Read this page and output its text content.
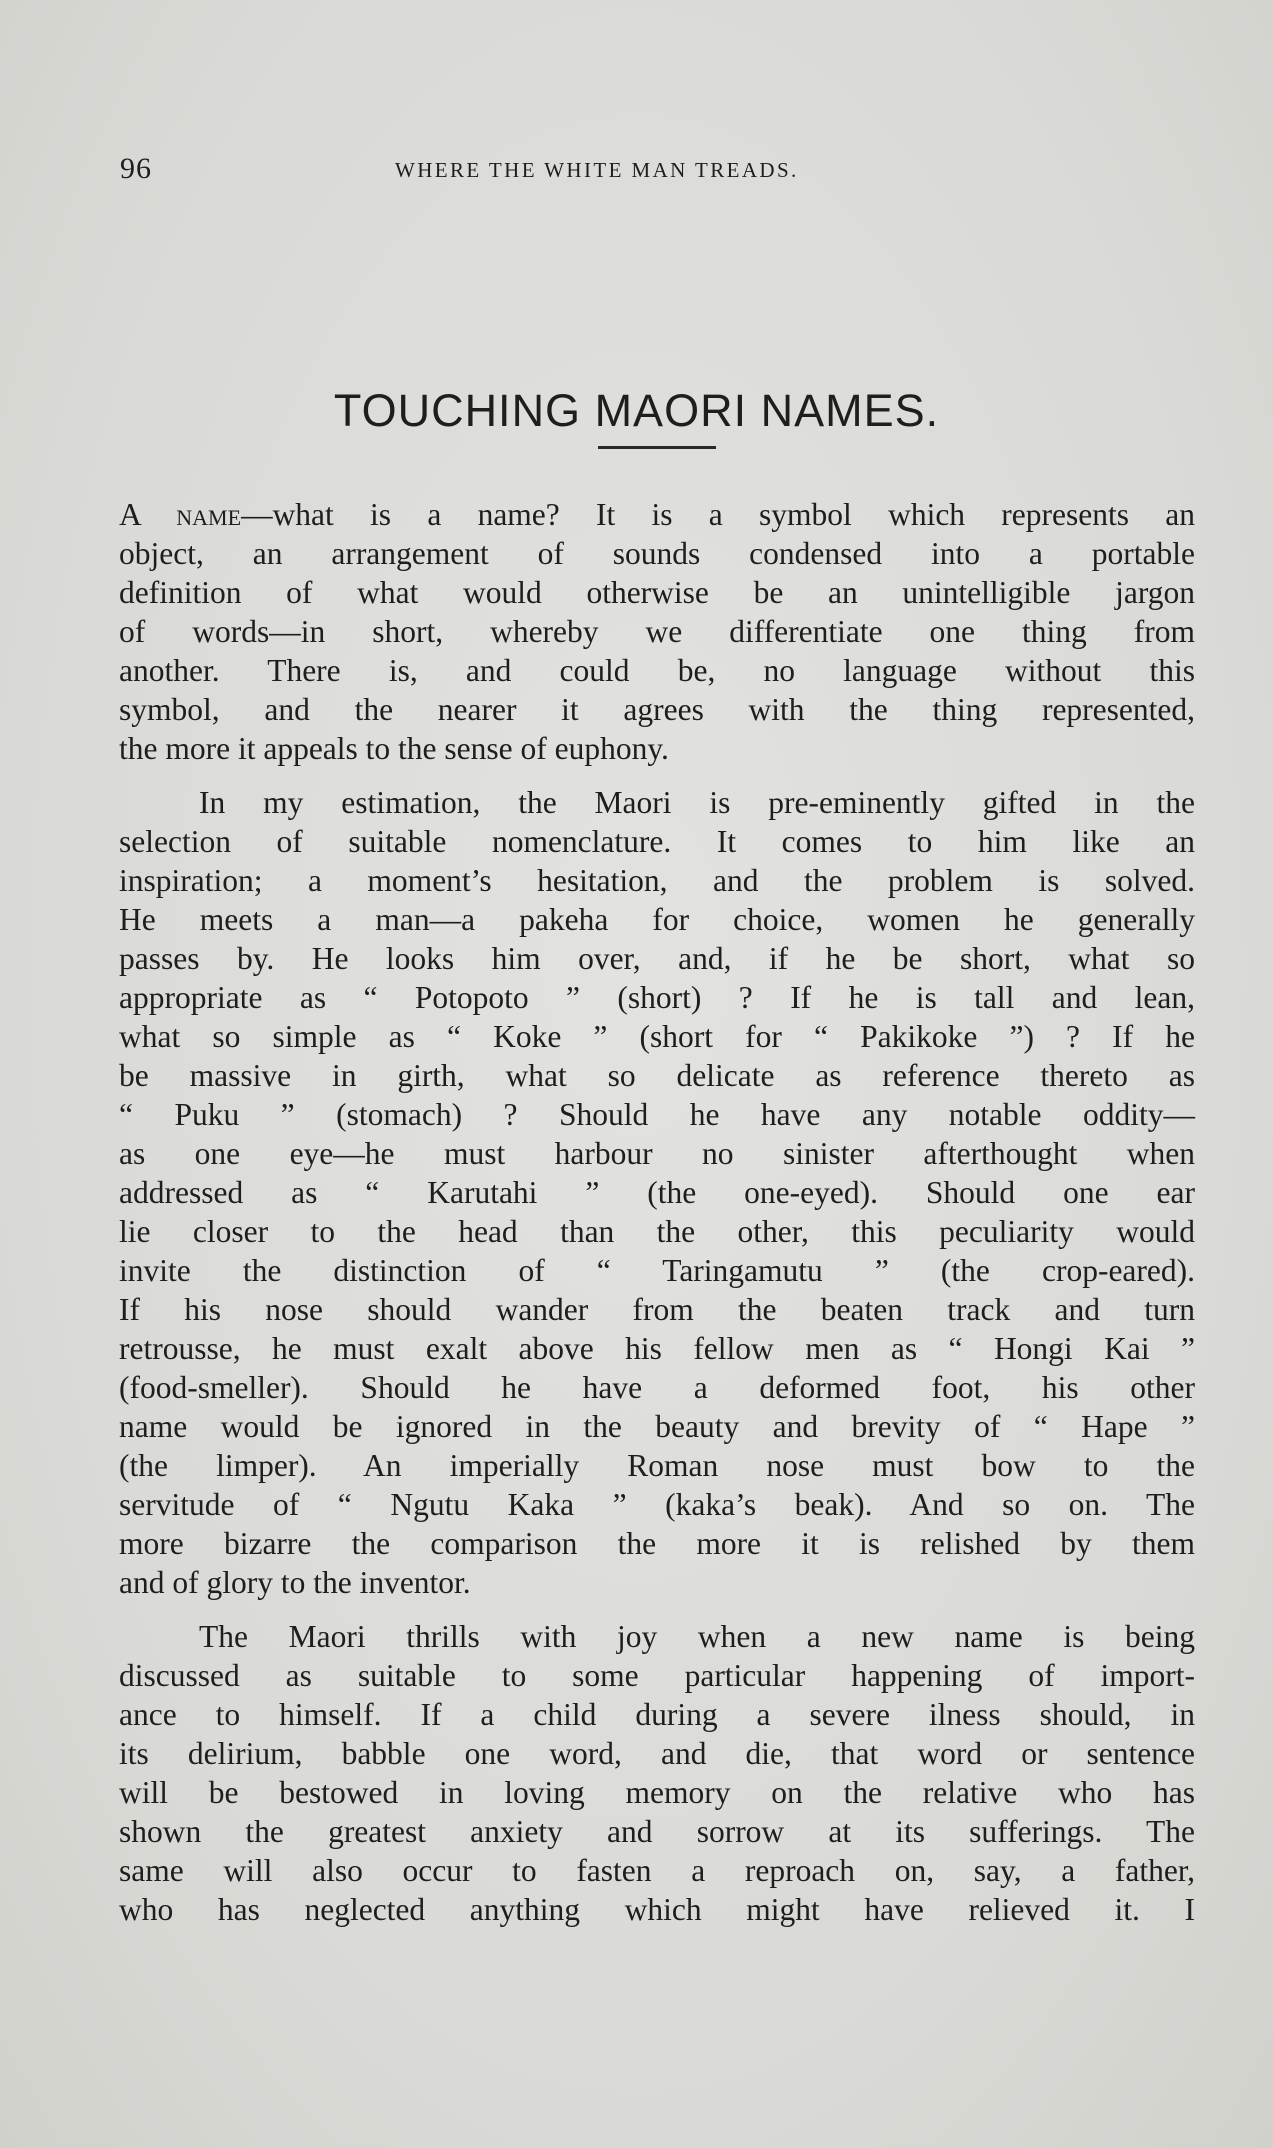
96	WHERE THE WHITE MAN TREADS.
TOUCHING MAORI NAMES.
A name—what is a name? It is a symbol which represents an
object, an arrangement of sounds condensed into a portable
definition of what would otherwise be an unintelligible jargon
of words—in short, whereby we differentiate one thing from
another. There is, and could be, no language without this
symbol, and the nearer it agrees with the thing represented,
the more it appeals to the sense of euphony.
In my estimation, the Maori is pre-eminently gifted in the
selection of suitable nomenclature. It comes to him like an
inspiration; a moment’s hesitation, and the problem is solved.
He meets a man—a pakeha for choice, women he generally
passes by. He looks him over, and, if he be short, what so
appropriate as “ Potopoto ” (short) ? If he is tall and lean,
what so simple as “ Koke ” (short for “ Pakikoke ”) ? If he
be massive in girth, what so delicate as reference thereto as
“ Puku ” (stomach) ? Should he have any notable oddity—
as one eye—he must harbour no sinister afterthought when
addressed as “ Karutahi ” (the one-eyed). Should one ear
lie closer to the head than the other, this peculiarity would
invite the distinction of “ Taringamutu ” (the crop-eared).
If his nose should wander from the beaten track and turn
retrousse, he must exalt above his fellow men as “ Hongi Kai ”
(food-smeller). Should he have a deformed foot, his other
name would be ignored in the beauty and brevity of “ Hape ”
(the limper). An imperially Roman nose must bow to the
servitude of “ Ngutu Kaka ” (kaka’s beak). And so on. The
more bizarre the comparison the more it is relished by them
and of glory to the inventor.
The Maori thrills with joy when a new name is being
discussed as suitable to some particular happening of import-
ance to himself. If a child during a severe ilness should, in
its delirium, babble one word, and die, that word or sentence
will be bestowed in loving memory on the relative who has
shown the greatest anxiety and sorrow at its sufferings. The
same will also occur to fasten a reproach on, say, a father,
who has neglected anything which might have relieved it. I
